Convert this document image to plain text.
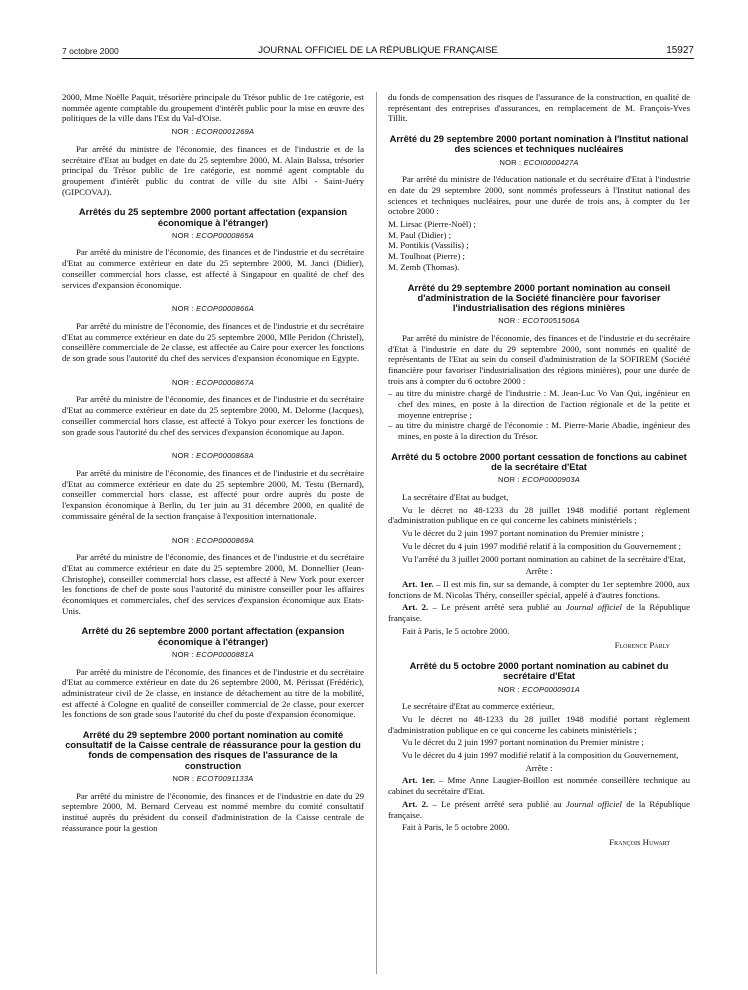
7 octobre 2000	JOURNAL OFFICIEL DE LA RÉPUBLIQUE FRANÇAISE	15927

2000, Mme Noëlle Paquit, trésorière principale du Trésor public de 1re catégorie, est nommée agente comptable du groupement d'intérêt public pour la mise en œuvre des politiques de la ville dans l'Est du Val-d'Oise.

NOR : ECOR0001269A

Par arrêté du ministre de l'économie, des finances et de l'industrie et de la secrétaire d'Etat au budget en date du 25 septembre 2000, M. Alain Balssa, trésorier principal du Trésor public de 1re catégorie, est nommé agent comptable du groupement d'intérêt public du contrat de ville du site Albi - Saint-Juéry (GIPCOVAJ).

Arrêtés du 25 septembre 2000 portant affectation (expansion économique à l'étranger)
NOR : ECOP0000865A

Par arrêté du ministre de l'économie, des finances et de l'industrie et du secrétaire d'Etat au commerce extérieur en date du 25 septembre 2000, M. Janci (Didier), conseiller commercial hors classe, est affecté à Singapour en qualité de chef des services d'expansion économique.

NOR : ECOP0000866A

Par arrêté du ministre de l'économie, des finances et de l'industrie et du secrétaire d'Etat au commerce extérieur en date du 25 septembre 2000, Mlle Peridon (Christel), conseillère commerciale de 2e classe, est affectée au Caire pour exercer les fonctions de son grade sous l'autorité du chef des services d'expansion économique en Egypte.

NOR : ECOP0000867A

Par arrêté du ministre de l'économie, des finances et de l'industrie et du secrétaire d'Etat au commerce extérieur en date du 25 septembre 2000, M. Delorme (Jacques), conseiller commercial hors classe, est affecté à Tokyo pour exercer les fonctions de son grade sous l'autorité du chef des services d'expansion économique au Japon.

NOR : ECOP0000868A

Par arrêté du ministre de l'économie, des finances et de l'industrie et du secrétaire d'Etat au commerce extérieur en date du 25 septembre 2000, M. Testu (Bernard), conseiller commercial hors classe, est affecté pour ordre auprès du poste de l'expansion économique à Berlin, du 1er juin au 31 décembre 2000, en qualité de commissaire général de la section française à l'exposition internationale.

NOR : ECOP0000869A

Par arrêté du ministre de l'économie, des finances et de l'industrie et du secrétaire d'Etat au commerce extérieur en date du 25 septembre 2000, M. Donnellier (Jean-Christophe), conseiller commercial hors classe, est affecté à New York pour exercer les fonctions de chef de poste sous l'autorité du ministre conseiller pour les affaires économiques et commerciales, chef des services d'expansion économique aux Etats-Unis.

Arrêté du 26 septembre 2000 portant affectation (expansion économique à l'étranger)
NOR : ECOP0000881A

Par arrêté du ministre de l'économie, des finances et de l'industrie et du secrétaire d'Etat au commerce extérieur en date du 26 septembre 2000, M. Périssat (Frédéric), administrateur civil de 2e classe, en instance de détachement au titre de la mobilité, est affecté à Cologne en qualité de conseiller commercial de 2e classe, pour exercer les fonctions de son grade sous l'autorité du chef du poste d'expansion économique.

Arrêté du 29 septembre 2000 portant nomination au comité consultatif de la Caisse centrale de réassurance pour la gestion du fonds de compensation des risques de l'assurance de la construction
NOR : ECOT0091133A

Par arrêté du ministre de l'économie, des finances et de l'industrie en date du 29 septembre 2000, M. Bernard Cerveau est nommé membre du comité consultatif institué auprès du président du conseil d'administration de la Caisse centrale de réassurance pour la gestion

du fonds de compensation des risques de l'assurance de la construction, en qualité de représentant des entreprises d'assurances, en remplacement de M. François-Yves Tillit.

Arrêté du 29 septembre 2000 portant nomination à l'Institut national des sciences et techniques nucléaires
NOR : ECOI0000427A

Par arrêté du ministre de l'éducation nationale et du secrétaire d'Etat à l'industrie en date du 29 septembre 2000, sont nommés professeurs à l'Institut national des sciences et techniques nucléaires, pour une durée de trois ans, à compter du 1er octobre 2000 :

M. Lirsac (Pierre-Noël) ;
M. Paul (Didier) ;
M. Pontikis (Vassilis) ;
M. Toulhoat (Pierre) ;
M. Zemb (Thomas).
Arrêté du 29 septembre 2000 portant nomination au conseil d'administration de la Société financière pour favoriser l'industrialisation des régions minières
NOR : ECOT0051506A

Par arrêté du ministre de l'économie, des finances et de l'industrie et du secrétaire d'Etat à l'industrie en date du 29 septembre 2000, sont nommés en qualité de représentants de l'Etat au sein du conseil d'administration de la SOFIREM (Société financière pour favoriser l'industrialisation des régions minières), pour une durée de trois ans à compter du 6 octobre 2000 :

– au titre du ministre chargé de l'industrie : M. Jean-Luc Vo Van Qui, ingénieur en chef des mines, en poste à la direction de l'action régionale et de la petite et moyenne entreprise ;
– au titre du ministre chargé de l'économie : M. Pierre-Marie Abadie, ingénieur des mines, en poste à la direction du Trésor.
Arrêté du 5 octobre 2000 portant cessation de fonctions au cabinet de la secrétaire d'Etat
NOR : ECOP0000903A

La secrétaire d'Etat au budget,

Vu le décret no 48-1233 du 28 juillet 1948 modifié portant règlement d'administration publique en ce qui concerne les cabinets ministériels ;

Vu le décret du 2 juin 1997 portant nomination du Premier ministre ;

Vu le décret du 4 juin 1997 modifié relatif à la composition du Gouvernement ;

Vu l'arrêté du 3 juillet 2000 portant nomination au cabinet de la secrétaire d'Etat,

Arrête :

Art. 1er. – Il est mis fin, sur sa demande, à compter du 1er septembre 2000, aux fonctions de M. Nicolas Théry, conseiller spécial, appelé à d'autres fonctions.

Art. 2. – Le présent arrêté sera publié au Journal officiel de la République française.

Fait à Paris, le 5 octobre 2000.

Florence Parly
Arrêté du 5 octobre 2000 portant nomination au cabinet du secrétaire d'Etat
NOR : ECOP0000901A

Le secrétaire d'Etat au commerce extérieur,

Vu le décret no 48-1233 du 28 juillet 1948 modifié portant règlement d'administration publique en ce qui concerne les cabinets ministériels ;

Vu le décret du 2 juin 1997 portant nomination du Premier ministre ;

Vu le décret du 4 juin 1997 modifié relatif à la composition du Gouvernement,

Arrête :

Art. 1er. – Mme Anne Laugier-Boillon est nommée conseillère technique au cabinet du secrétaire d'Etat.

Art. 2. – Le présent arrêté sera publié au Journal officiel de la République française.

Fait à Paris, le 5 octobre 2000.

François Huwart
